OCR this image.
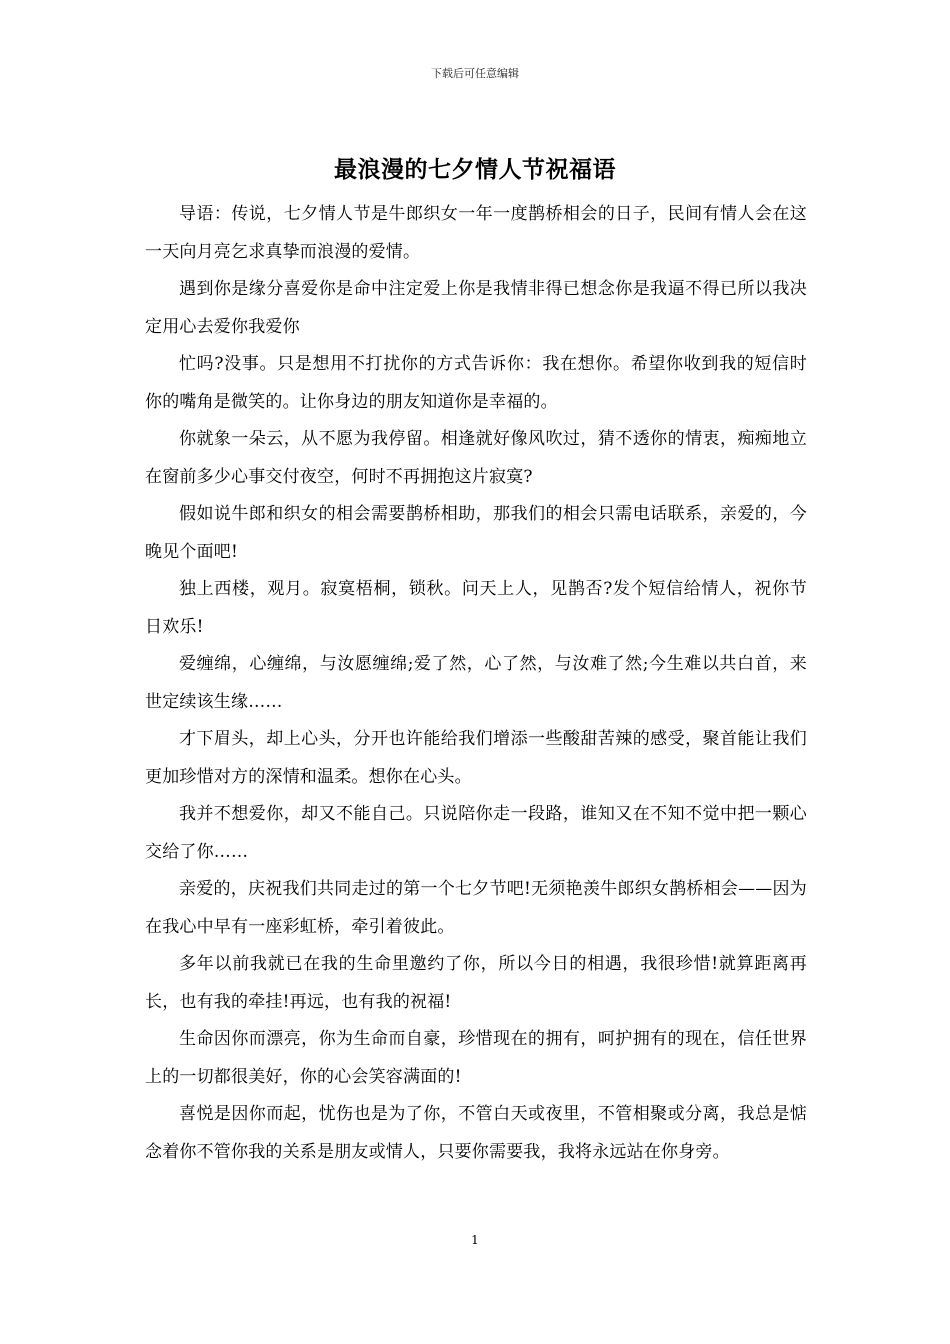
下载后可任意编辑
最浪漫的七夕情人节祝福语

导语：传说，七夕情人节是牛郎织女一年一度鹊桥相会的日子，民间有情人会在这一天向月亮乞求真挚而浪漫的爱情。

遇到你是缘分喜爱你是命中注定爱上你是我情非得已想念你是我逼不得已所以我决定用心去爱你我爱你

忙吗?没事。只是想用不打扰你的方式告诉你：我在想你。希望你收到我的短信时你的嘴角是微笑的。让你身边的朋友知道你是幸福的。

你就象一朵云，从不愿为我停留。相逢就好像风吹过，猜不透你的情衷，痴痴地立在窗前多少心事交付夜空，何时不再拥抱这片寂寞?

假如说牛郎和织女的相会需要鹊桥相助，那我们的相会只需电话联系，亲爱的，今晚见个面吧!

独上西楼，观月。寂寞梧桐，锁秋。问天上人，见鹊否?发个短信给情人，祝你节日欢乐!

爱缠绵，心缠绵，与汝愿缠绵;爱了然，心了然，与汝难了然;今生难以共白首，来世定续该生缘……

才下眉头，却上心头，分开也许能给我们增添一些酸甜苦辣的感受，聚首能让我们更加珍惜对方的深情和温柔。想你在心头。

我并不想爱你，却又不能自己。只说陪你走一段路，谁知又在不知不觉中把一颗心交给了你……

亲爱的，庆祝我们共同走过的第一个七夕节吧!无须艳羡牛郎织女鹊桥相会——因为在我心中早有一座彩虹桥，牵引着彼此。

多年以前我就已在我的生命里邀约了你，所以今日的相遇，我很珍惜!就算距离再长，也有我的牵挂!再远，也有我的祝福!

生命因你而漂亮，你为生命而自豪，珍惜现在的拥有，呵护拥有的现在，信任世界上的一切都很美好，你的心会笑容满面的!

喜悦是因你而起，忧伤也是为了你，不管白天或夜里，不管相聚或分离，我总是惦念着你不管你我的关系是朋友或情人，只要你需要我，我将永远站在你身旁。

1
